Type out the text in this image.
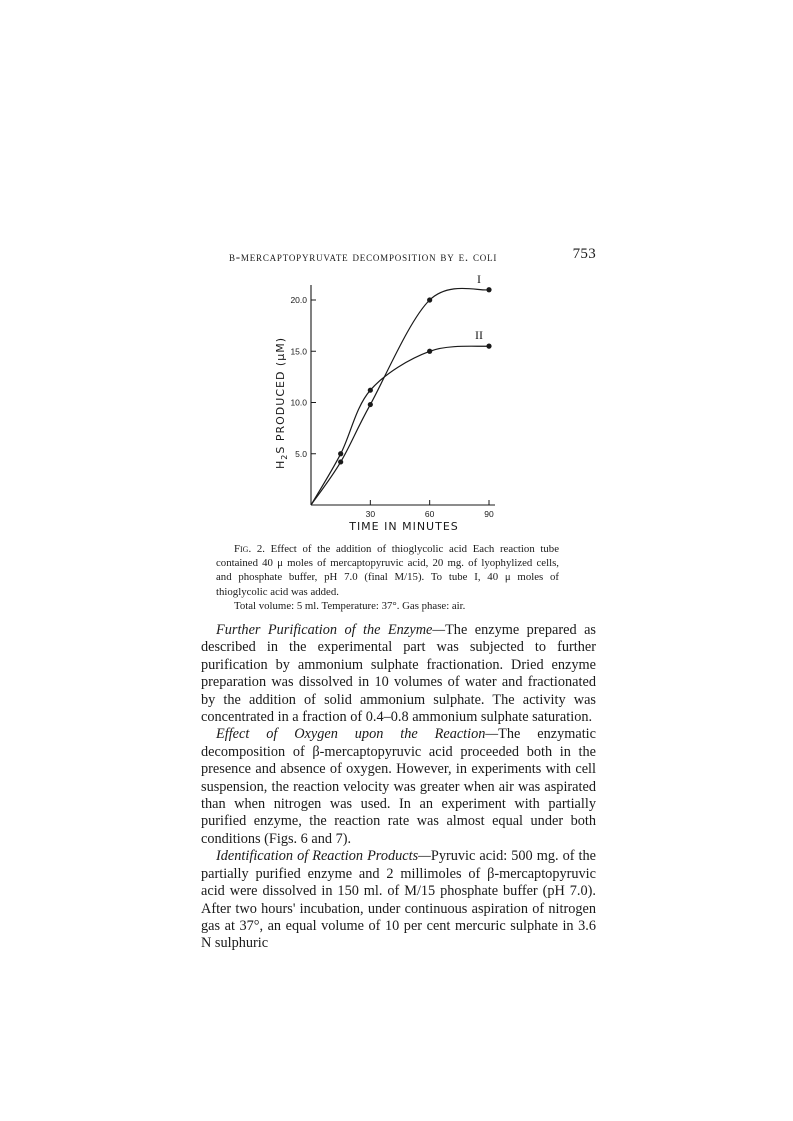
β-mercaptopyruvate decomposition by e. coli	753
5.0
10.0
15.0
20.0
30	60	90
I
II
TIME IN MINUTES
$H_2S$ PRODUCED (μM)

Fig. 2. Effect of the addition of thioglycolic acid Each reaction tube contained 40 μ moles of mercaptopyruvic acid, 20 mg. of lyophylized cells, and phosphate buffer, pH 7.0 (final M/15). To tube I, 40 μ moles of thioglycolic acid was added.

Total volume: 5 ml. Temperature: 37°. Gas phase: air.

Further Purification of the Enzyme—The enzyme prepared as described in the experimental part was subjected to further purification by ammonium sulphate fractionation. Dried enzyme preparation was dissolved in 10 volumes of water and fractionated by the addition of solid ammonium sulphate. The activity was concentrated in a fraction of 0.4–0.8 ammonium sulphate saturation.

Effect of Oxygen upon the Reaction—The enzymatic decomposition of β-mercaptopyruvic acid proceeded both in the presence and absence of oxygen. However, in experiments with cell suspension, the reaction velocity was greater when air was aspirated than when nitrogen was used. In an experiment with partially purified enzyme, the reaction rate was almost equal under both conditions (Figs. 6 and 7).

Identification of Reaction Products—Pyruvic acid: 500 mg. of the partially purified enzyme and 2 millimoles of β-mercaptopyruvic acid were dissolved in 150 ml. of M/15 phosphate buffer (pH 7.0). After two hours' incubation, under continuous aspiration of nitrogen gas at 37°, an equal volume of 10 per cent mercuric sulphate in 3.6 N sulphuric
